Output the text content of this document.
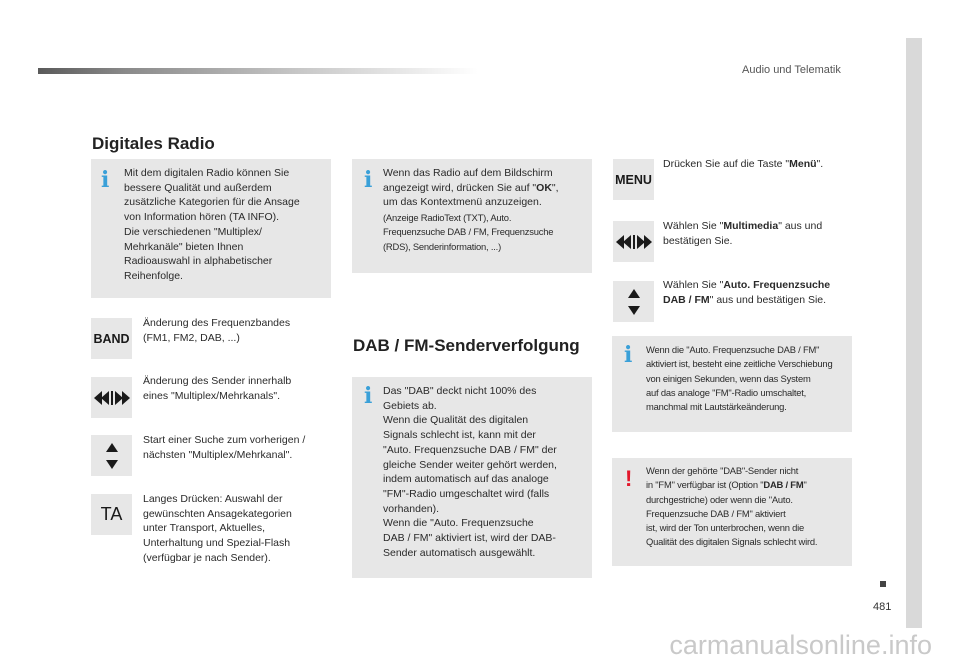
Audio und Telematik
481
Digitales Radio
DAB / FM-Senderverfolgung
i Mit dem digitalen Radio können Sie
bessere Qualität und außerdem
zusätzliche Kategorien für die Ansage
von Information hören (TA INFO).
Die verschiedenen "Multiplex/
Mehrkanäle" bieten Ihnen
Radioauswahl in alphabetischer
Reihenfolge.
BAND
Änderung des Frequenzbandes
(FM1, FM2, DAB, ...)
Änderung des Sender innerhalb
eines "Multiplex/Mehrkanals".
Start einer Suche zum vorherigen /
nächsten "Multiplex/Mehrkanal".
TA
Langes Drücken: Auswahl der
gewünschten Ansagekategorien
unter Transport, Aktuelles,
Unterhaltung und Spezial-Flash
(verfügbar je nach Sender).
i Wenn das Radio auf dem Bildschirm
angezeigt wird, drücken Sie auf "OK",
um das Kontextmenü anzuzeigen.
(Anzeige RadioText (TXT), Auto.
Frequenzsuche DAB / FM, Frequenzsuche
(RDS), Senderinformation, ...)
i Das "DAB" deckt nicht 100% des
Gebiets ab.
Wenn die Qualität des digitalen
Signals schlecht ist, kann mit der
"Auto. Frequenzsuche DAB / FM" der
gleiche Sender weiter gehört werden,
indem automatisch auf das analoge
"FM"-Radio umgeschaltet wird (falls
vorhanden).
Wenn die "Auto. Frequenzsuche
DAB / FM" aktiviert ist, wird der DAB-
Sender automatisch ausgewählt.
MENU
Drücken Sie auf die Taste "Menü".
Wählen Sie "Multimedia" aus und
bestätigen Sie.
Wählen Sie "Auto. Frequenzsuche
DAB / FM" aus und bestätigen Sie.
i Wenn die "Auto. Frequenzsuche DAB / FM"
aktiviert ist, besteht eine zeitliche Verschiebung
von einigen Sekunden, wenn das System
auf das analoge "FM"-Radio umschaltet,
manchmal mit Lautstärkeänderung.
! Wenn der gehörte "DAB"-Sender nicht
in "FM" verfügbar ist (Option "DAB / FM"
durchgestriche) oder wenn die "Auto.
Frequenzsuche DAB / FM" aktiviert
ist, wird der Ton unterbrochen, wenn die
Qualität des digitalen Signals schlecht wird.
carmanualsonline.info
